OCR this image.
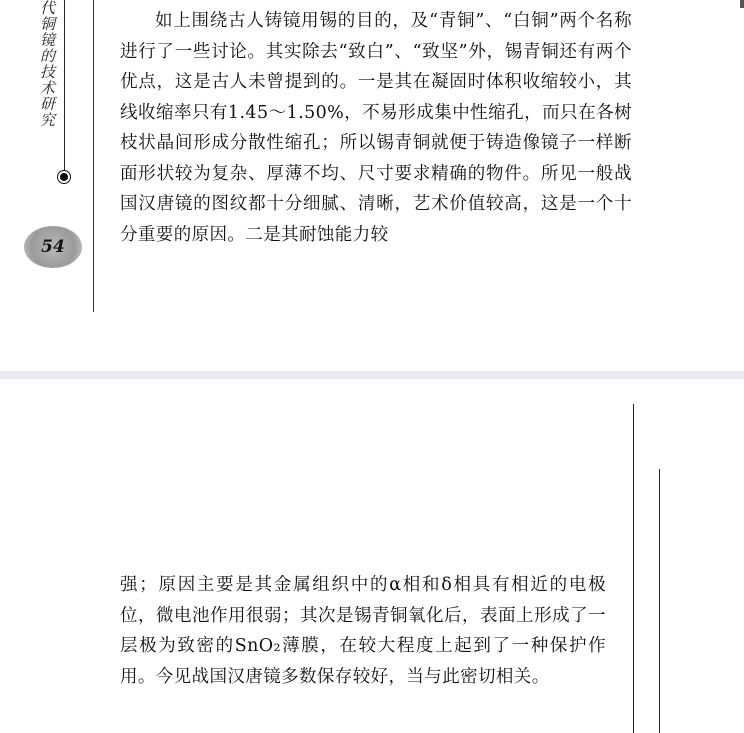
代铜镜的技术研究
54

如上围绕古人铸镜用锡的目的，及“青铜”、“白铜”两个名称进行了一些讨论。其实除去“致白”、“致坚”外，锡青铜还有两个优点，这是古人未曾提到的。一是其在凝固时体积收缩较小，其线收缩率只有1.45～1.50%，不易形成集中性缩孔，而只在各树枝状晶间形成分散性缩孔；所以锡青铜就便于铸造像镜子一样断面形状较为复杂、厚薄不均、尺寸要求精确的物件。所见一般战国汉唐镜的图纹都十分细腻、清晰，艺术价值较高，这是一个十分重要的原因。二是其耐蚀能力较

强；原因主要是其金属组织中的α相和δ相具有相近的电极位，微电池作用很弱；其次是锡青铜氧化后，表面上形成了一层极为致密的SnO₂薄膜，在较大程度上起到了一种保护作用。今见战国汉唐镜多数保存较好，当与此密切相关。
